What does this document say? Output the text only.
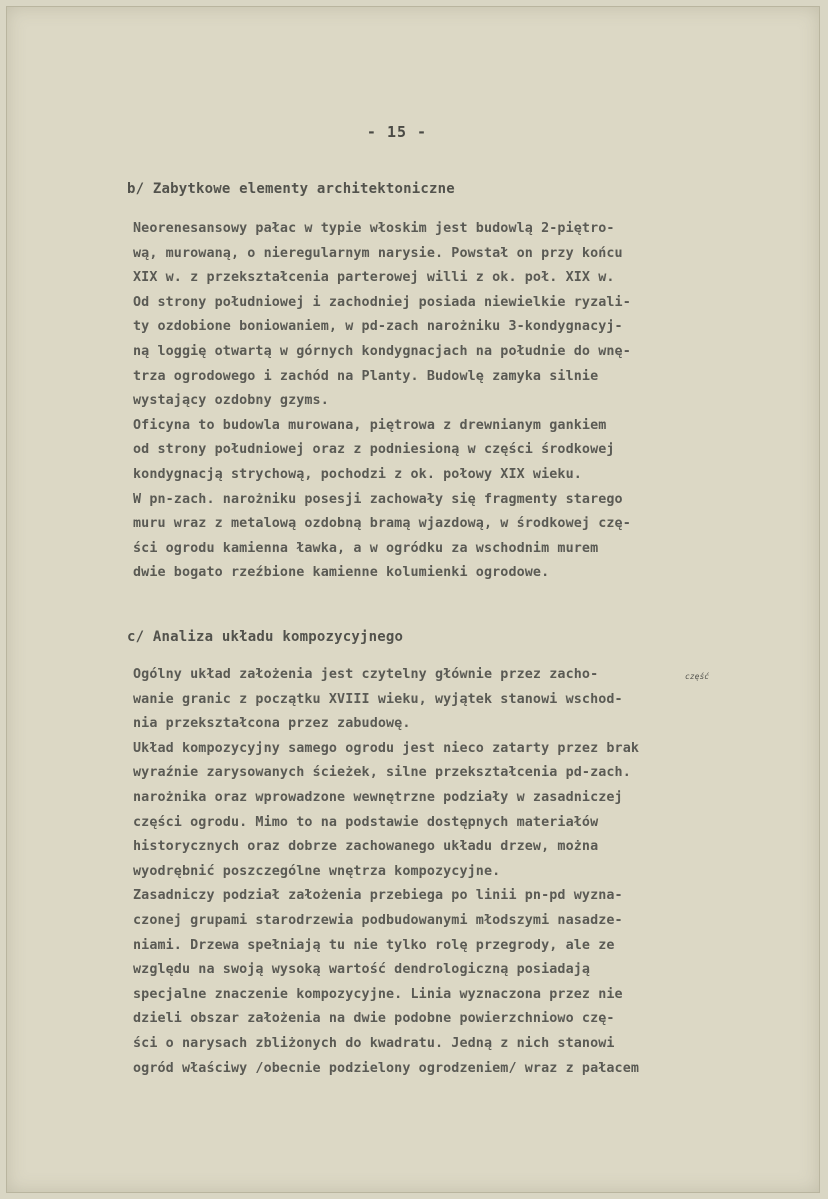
- 15 -
b/ Zabytkowe elementy architektoniczne
Neorenesansowy pałac w typie włoskim jest budowlą 2-piętro-
wą, murowaną, o nieregularnym narysie. Powstał on przy końcu
XIX w. z przekształcenia parterowej willi z ok. poł. XIX w.
Od strony południowej i zachodniej posiada niewielkie ryzali-
ty ozdobione boniowaniem, w pd-zach narożniku 3-kondygnacyj-
ną loggię otwartą w górnych kondygnacjach na południe do wnę-
trza ogrodowego i zachód na Planty. Budowlę zamyka silnie
wystający ozdobny gzyms.
Oficyna to budowla murowana, piętrowa z drewnianym gankiem
od strony południowej oraz z podniesioną w części środkowej
kondygnacją strychową, pochodzi z ok. połowy XIX wieku.
W pn-zach. narożniku posesji zachowały się fragmenty starego
muru wraz z metalową ozdobną bramą wjazdową, w środkowej czę-
ści ogrodu kamienna ławka, a w ogródku za wschodnim murem
dwie bogato rzeźbione kamienne kolumienki ogrodowe.
c/ Analiza układu kompozycyjnego
część
Ogólny układ założenia jest czytelny głównie przez zacho-
wanie granic z początku XVIII wieku, wyjątek stanowi wschod-
nia przekształcona przez zabudowę.
Układ kompozycyjny samego ogrodu jest nieco zatarty przez brak
wyraźnie zarysowanych ścieżek, silne przekształcenia pd-zach.
narożnika oraz wprowadzone wewnętrzne podziały w zasadniczej
części ogrodu. Mimo to na podstawie dostępnych materiałów
historycznych oraz dobrze zachowanego układu drzew, można
wyodrębnić poszczególne wnętrza kompozycyjne.
Zasadniczy podział założenia przebiega po linii pn-pd wyzna-
czonej grupami starodrzewia podbudowanymi młodszymi nasadze-
niami. Drzewa spełniają tu nie tylko rolę przegrody, ale ze
względu na swoją wysoką wartość dendrologiczną posiadają
specjalne znaczenie kompozycyjne. Linia wyznaczona przez nie
dzieli obszar założenia na dwie podobne powierzchniowo czę-
ści o narysach zbliżonych do kwadratu. Jedną z nich stanowi
ogród właściwy /obecnie podzielony ogrodzeniem/ wraz z pałacem
